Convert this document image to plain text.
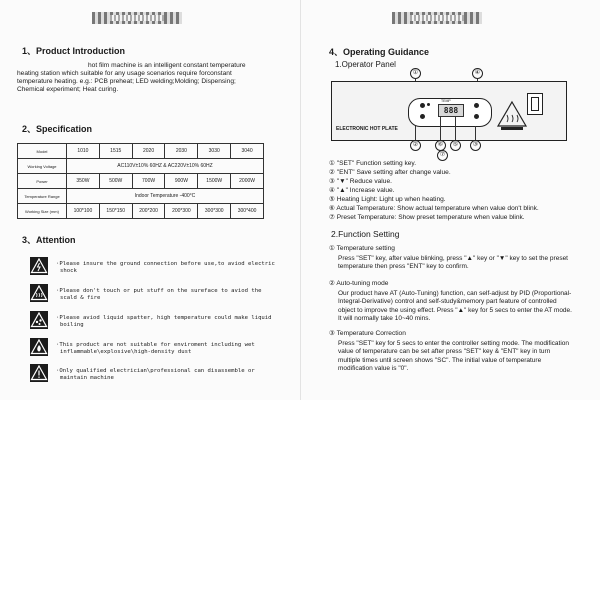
1、Product Introduction
hot film machine is an intelligent constant temperature
heating station which suitable for any usage scenarios require forconstant
temperature heating. e.g.: PCB preheat; LED welding;Molding; Dispensing;
Chemical experiment; Heat curing.
2、Specification
Model	1010	1515	2020	2030	3030	3040
Working Voltage	AC110V±10% 60HZ & AC220V±10% 60HZ					
Power	350W	500W	700W	900W	1500W	2000W
Temperature Range	Indoor Temperature -400°C					
Working Size (mm)	100*100	150*150	200*200	200*300	300*300	300*400
3、Attention
·Please insure the ground connection before use,to aviod electric
shock
·Please don't touch or put stuff on the sureface to aviod the
scald & fire
·Please aviod liquid spatter, high temperature could make liquid
boiling
·This product are not suitable for enviroment including wet
inflammable\explosive\high-density dust
·Only qualified electrician\professional can disassemble or
maintain machine
4、Operating Guidance
1.Operator Panel
①	④
TEMP
888
ELECTRONIC HOT PLATE
②	⑥	⑤	③
⑦
① "SET" Function setting key.
② "ENT" Save setting after change value.
③ "▼" Reduce value.
④ "▲" Increase value.
⑤ Heating Light: Light up when heating.
⑥ Actual Temperature: Show actual temperature when value don't blink.
⑦ Preset Temperature: Show preset temperature when value blink.
2.Function Setting
① Temperature setting
Press "SET" key, after value blinking, press "▲" key or "▼" key to set the preset temperature then press "ENT" key to confirm.
② Auto-tuning mode
Our product have AT (Auto-Tuning) function, can self-adjust by PID (Proportional-Integral-Derivative) control and self-study&memory part feature of controlled object to improve the using effect. Press "▲" key for 5 secs to enter the AT mode. It will normally take 10~40 mins.
③ Temperature Correction
Press "SET" key for 5 secs to enter the controller setting mode. The modification value of temperature can be set after press "SET" key & "ENT" key in turn multiple times until screen shows "SC". The initial value of temperature modification value is "0".
